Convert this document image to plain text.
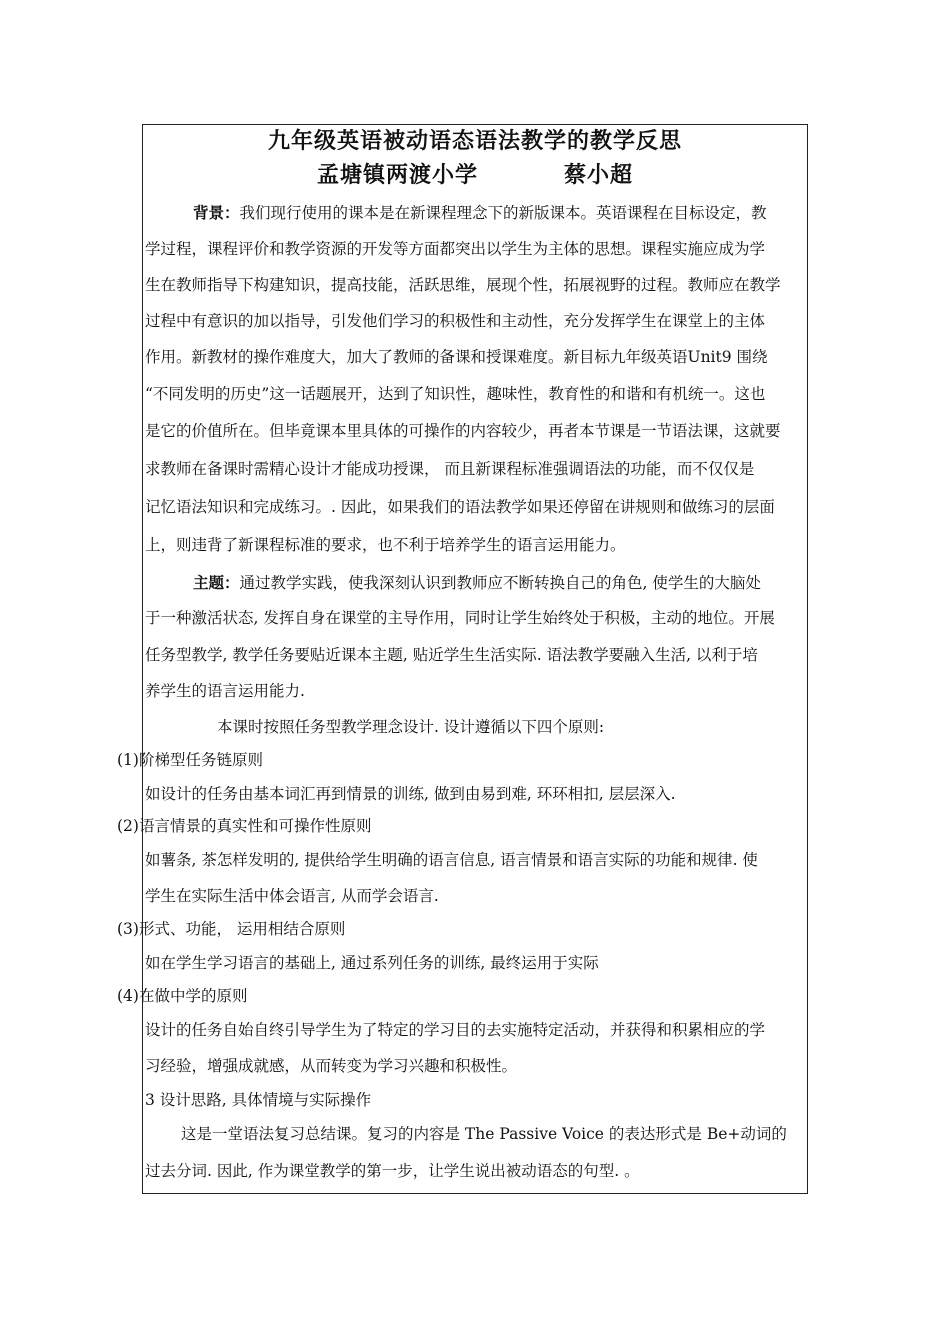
九年级英语被动语态语法教学的教学反思
孟塘镇两渡小学	蔡小超
背景：我们现行使用的课本是在新课程理念下的新版课本。英语课程在目标设定，教
学过程，课程评价和教学资源的开发等方面都突出以学生为主体的思想。课程实施应成为学
生在教师指导下构建知识，提高技能，活跃思维，展现个性，拓展视野的过程。教师应在教学
过程中有意识的加以指导，引发他们学习的积极性和主动性，充分发挥学生在课堂上的主体
作用。新教材的操作难度大，加大了教师的备课和授课难度。新目标九年级英语Unit9 围绕
“不同发明的历史”这一话题展开，达到了知识性，趣味性，教育性的和谐和有机统一。这也
是它的价值所在。但毕竟课本里具体的可操作的内容较少，再者本节课是一节语法课，这就要
求教师在备课时需精心设计才能成功授课， 而且新课程标准强调语法的功能，而不仅仅是
记忆语法知识和完成练习。. 因此，如果我们的语法教学如果还停留在讲规则和做练习的层面
上，则违背了新课程标准的要求，也不利于培养学生的语言运用能力。
主题：通过教学实践，使我深刻认识到教师应不断转换自己的角色, 使学生的大脑处
于一种激活状态, 发挥自身在课堂的主导作用，同时让学生始终处于积极，主动的地位。开展
任务型教学, 教学任务要贴近课本主题, 贴近学生生活实际. 语法教学要融入生活, 以利于培
养学生的语言运用能力.
本课时按照任务型教学理念设计. 设计遵循以下四个原则:
(1)阶梯型任务链原则
如设计的任务由基本词汇再到情景的训练, 做到由易到难, 环环相扣, 层层深入.
(2)语言情景的真实性和可操作性原则
如薯条, 茶怎样发明的, 提供给学生明确的语言信息, 语言情景和语言实际的功能和规律. 使
学生在实际生活中体会语言, 从而学会语言.
(3)形式、功能， 运用相结合原则
如在学生学习语言的基础上, 通过系列任务的训练, 最终运用于实际
(4)在做中学的原则
设计的任务自始自终引导学生为了特定的学习目的去实施特定活动，并获得和积累相应的学
习经验，增强成就感，从而转变为学习兴趣和积极性。
3 设计思路, 具体情境与实际操作
这是一堂语法复习总结课。复习的内容是 The Passive Voice 的表达形式是 Be+动词的
过去分词. 因此, 作为课堂教学的第一步，让学生说出被动语态的句型. 。
